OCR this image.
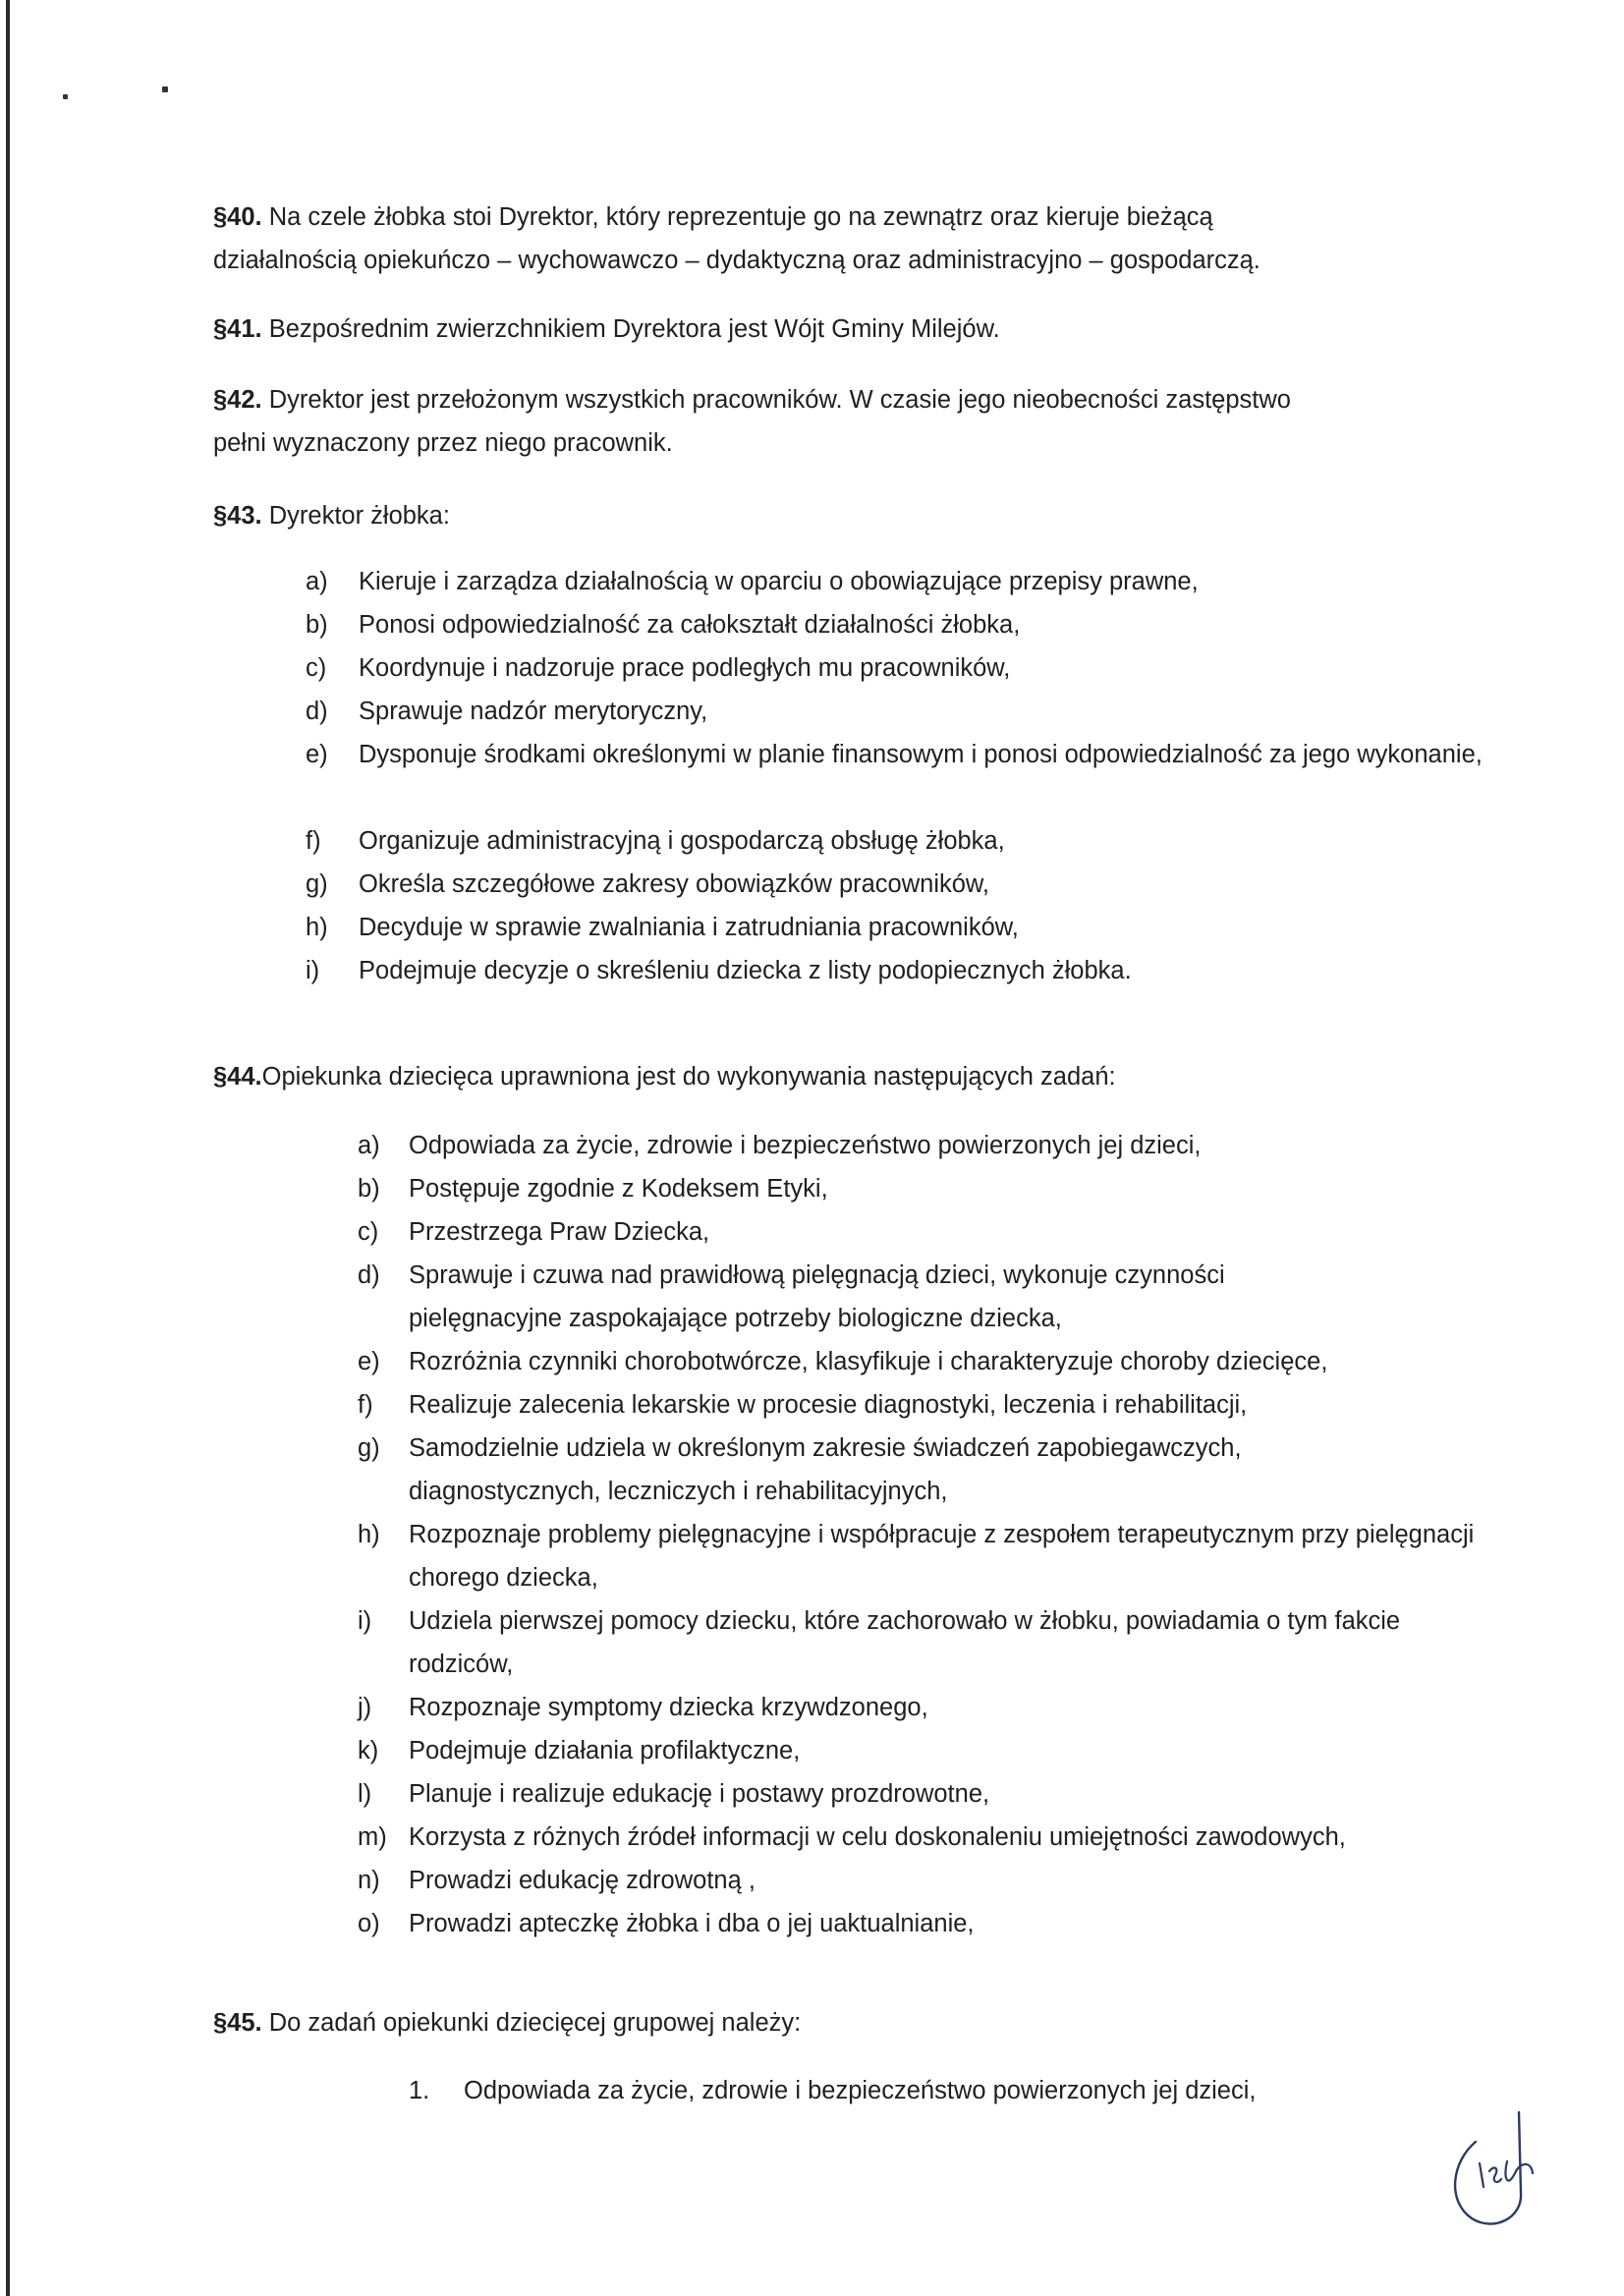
§40. Na czele żłobka stoi Dyrektor, który reprezentuje go na zewnątrz oraz kieruje bieżącą
działalnością opiekuńczo – wychowawczo – dydaktyczną oraz administracyjno – gospodarczą.
§41. Bezpośrednim zwierzchnikiem Dyrektora jest Wójt Gminy Milejów.
§42. Dyrektor jest przełożonym wszystkich pracowników. W czasie jego nieobecności zastępstwo
pełni wyznaczony przez niego pracownik.
§43. Dyrektor żłobka:
a) Kieruje i zarządza działalnością w oparciu o obowiązujące przepisy prawne,
b) Ponosi odpowiedzialność za całokształt działalności żłobka,
c) Koordynuje i nadzoruje prace podległych mu pracowników,
d) Sprawuje nadzór merytoryczny,
e) Dysponuje środkami określonymi w planie finansowym i ponosi odpowiedzialność za jego wykonanie,
f) Organizuje administracyjną i gospodarczą obsługę żłobka,
g) Określa szczegółowe zakresy obowiązków pracowników,
h) Decyduje w sprawie zwalniania i zatrudniania pracowników,
i) Podejmuje decyzje o skreśleniu dziecka z listy podopiecznych żłobka.
§44.Opiekunka dziecięca uprawniona jest do wykonywania następujących zadań:
a) Odpowiada za życie, zdrowie i bezpieczeństwo powierzonych jej dzieci,
b) Postępuje zgodnie z Kodeksem Etyki,
c) Przestrzega Praw Dziecka,
d) Sprawuje i czuwa nad prawidłową pielęgnacją dzieci, wykonuje czynności pielęgnacyjne zaspokajające potrzeby biologiczne dziecka,
e) Rozróżnia czynniki chorobotwórcze, klasyfikuje i charakteryzuje choroby dziecięce,
f) Realizuje zalecenia lekarskie w procesie diagnostyki, leczenia i rehabilitacji,
g) Samodzielnie udziela w określonym zakresie świadczeń zapobiegawczych, diagnostycznych, leczniczych i rehabilitacyjnych,
h) Rozpoznaje problemy pielęgnacyjne i współpracuje z zespołem terapeutycznym przy pielęgnacji chorego dziecka,
i) Udziela pierwszej pomocy dziecku, które zachorowało w żłobku, powiadamia o tym fakcie rodziców,
j) Rozpoznaje symptomy dziecka krzywdzonego,
k) Podejmuje działania profilaktyczne,
l) Planuje i realizuje edukację i postawy prozdrowotne,
m) Korzysta z różnych źródeł informacji w celu doskonaleniu umiejętności zawodowych,
n) Prowadzi edukację zdrowotną ,
o) Prowadzi apteczkę żłobka i dba o jej uaktualnianie,
§45. Do zadań opiekunki dziecięcej grupowej należy:
1. Odpowiada za życie, zdrowie i bezpieczeństwo powierzonych jej dzieci,
